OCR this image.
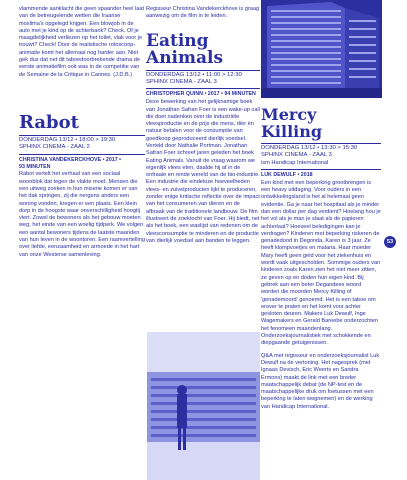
vlammende aanklacht die geen spaander heel laat van de betreugelende wetten die Iraanse moslima's opgelegd krijgen. Een blowjob in de auto met je kind op de achterbank? Check. Of je maagdelijkheid verliezen op het toilet, vlak voor je trouwt? Check! Door de realistische rotoscoop-animatie komt het allemaal nog harder aan. Niet gek dus dat net dit taboedoorbrekende drama de eerste animatiefilm ooit was in de competitie van de Semaine de la Critique in Cannes. (J.D.B.)

Rabot
DONDERDAG 13/12 • 18:00 > 19:30
SPHINX CINEMA - ZAAL 2
CHRISTINA VANDEKERCKHOVE • 2017 •
93 MINUTEN

Rabot vertelt het verhaal van een sociaal woonblok dat tegen de vlakte moet. Mensen die een uitweg zoeken in hun miserie komen er van het dak springen, zij die nergens anders een woning vonden, kregen er een plaats. Een klein dorp in de hoogste waar onverschilligheid hoogtij viert. Zowel de bewoners als het gebouw moeten weg, het einde van een woelig tijdperk. We volgen een aantal bewoners tijdens de laatste maanden van hun leven in de woontoren. Een raamvertelling over liefde, eenzaamheid en armoede in het hart van onze Westerse samenleving.

Regisseur Christina Vandekerckhove is graag aanwezig om de film in te leiden.

Eating
Animals
DONDERDAG 13/12 • 11:00 > 12:30
SPHINX CINEMA - ZAAL 3
CHRISTOPHER QUINN • 2017 • 94 MINUTEN

Deze bewerking van het gelijknamige boek van Jonathan Safran Foer is een wake-up call die doet nadenken over de industriële vleesproductie en de prijs die mens, dier én natuur betalen voor de consumptie van goedkoop geproduceerd dierlijk voedsel. Verteld door Nathalie Portman. Jonathan Safran Foer schreef jaren geleden het boek Eating Animals. Vanuit de vraag waarom we eigenlijk vlees eten, daalde hij af in de onfraaie en rende wereld van de bio-industrie. Een industrie die eindeloze hoeveelheden vlees- en zuivelproducten lijkt te produceren, zonder enige kritische reflectie over de impact van het consumeren van dieren en de afbraak van de traditionele landbouw. De film illustreert de zoektocht van Foer. Hij biedt, net als het boek, een waslijst van redenen om de vleesconsumptie te minderen en de productie van dierlijk voedsel aan banden te leggen.

Mercy Killing
DONDERDAG 13/12 • 13:30 > 15:30
SPHINX CINEMA - ZAAL 3
ism Handicap International
LUK DEWULF • 2018

Een kind met een beperking grootbrengen is een heavy uitdaging. Voor ouders in een ontwikkelingsland is het al helemaal geen evidentie. Ga je naar het hospitaal als je minder dan een dollar per dag verdient? Hoelang hou je het vol als je man je slaat als de papieren achterlaat? Hoeveel beledigingen kan je verdragen? Kinderen met beperking riskeren de genadedood in Degonda. Karen is 3 jaar. Ze heeft klompvoetjes en malaria. Haar moeder Mary heeft geen geld voor het ziekenhuis en wordt vaak uitgescholden. Sommige ouders van kinderen zoals Karen zien het niet meer zitten, ze geven op en doden hun eigen kind. Bij gebrek aan een beter Degandees woord worden die moorden Mercy Killing of 'genademoord' genoemd. Het is een taboe om erover te praten en het komt voor achter gesloten deuren. Makers Luk Dewulf, Inge Wagemakers en Gerald Bareebe onderzochten het fenomeen maandenlang. Onderzoeksjournalistiek met schokkende en diepgaande getuigenissen.

Q&A met regisseur en onderzoeksjournalist Luk Dewulf na de vertoning. Het nagesprek (met Ignaas Devisch, Eric Weerts en Sandra Ermons) maakt de link met een breder maatschappelijk debat (de NP-test en de maatschappelijke druk om foetussen met een beperking te laten wegnemen) en de werking van Handicap International.

53
